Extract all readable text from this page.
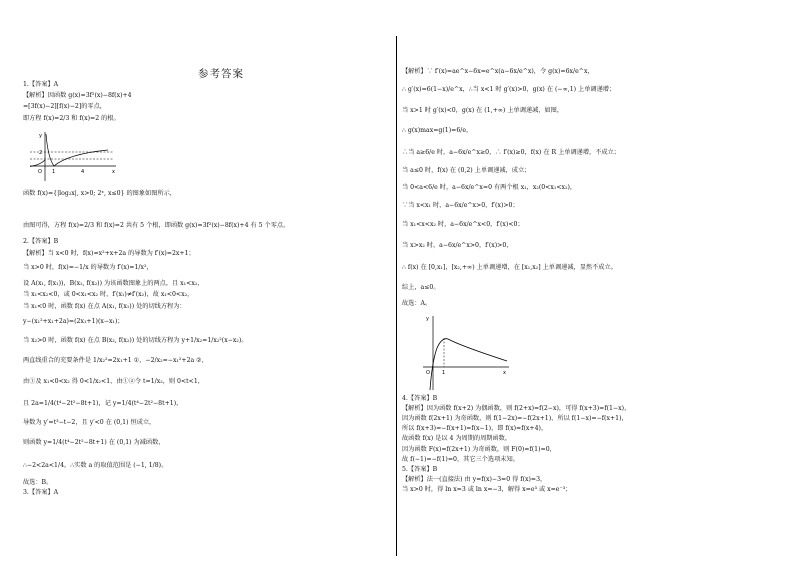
参考答案
1.【答案】A
【解析】因函数 g(x)=3f²(x)−8f(x)+4
=[3f(x)−2][f(x)−2]的零点，
即方程 f(x)=2/3 和 f(x)=2 的根。
y
2
O 1	4	x
函数 f(x)={|log₂x|, x>0; 2ˣ, x≤0} 的图象如图所示，
由图可得，方程 f(x)=2/3 和 f(x)=2 共有 5 个根，即函数 g(x)=3f²(x)−8f(x)+4 有 5 个零点。
2.【答案】B
【解析】当 x<0 时，f(x)=x²+x+2a 的导数为 f′(x)=2x+1；
当 x>0 时，f(x)=−1/x 的导数为 f′(x)=1/x²，
设 A(x₁, f(x₁))，B(x₂, f(x₂)) 为该函数图象上的两点，且 x₁<x₂，
当 x₁<x₂<0，或 0<x₁<x₂ 时，f′(x₁)≠f′(x₂)，故 x₁<0<x₂，
当 x₁<0 时，函数 f(x) 在点 A(x₁, f(x₁)) 处的切线方程为：
y−(x₁²+x₁+2a)=(2x₁+1)(x−x₁)；
当 x₂>0 时，函数 f(x) 在点 B(x₂, f(x₂)) 处的切线方程为 y+1/x₂=1/x₂²(x−x₂)。
两直线重合的充要条件是 1/x₂²=2x₁+1 ①，−2/x₂=−x₁²+2a ②，
由①及 x₁<0<x₂ 得 0<1/x₂<1，由①②令 t=1/x₂，则 0<t<1，
且 2a=1/4(t⁴−2t²−8t+1)，记 y=1/4(t⁴−2t²−8t+1)，
导数为 y′=t³−t−2，且 y′<0 在 (0,1) 恒成立，
则函数 y=1/4(t⁴−2t²−8t+1) 在 (0,1) 为减函数，
∴−2<2a<1/4，∴实数 a 的取值范围是 (−1, 1/8)。
故选：B。
3.【答案】A
【解析】∵ f′(x)=ae^x−6x=e^x(a−6x/e^x)，令 g(x)=6x/e^x，
∴ g′(x)=6(1−x)/e^x，∴当 x<1 时 g′(x)>0，g(x) 在 (−∞,1) 上单调递增；
当 x>1 时 g′(x)<0，g(x) 在 (1,+∞) 上单调递减，如图，
∴ g(x)max=g(1)=6/e，
∴当 a≥6/e 时，a−6x/e^x≥0，∴ f′(x)≥0，f(x) 在 R 上单调递增，不成立；
当 a≤0 时，f(x) 在 (0,2) 上单调递减，成立；
当 0<a<6/e 时，a−6x/e^x=0 有两个根 x₁，x₂(0<x₁<x₂)，
∵当 x<x₁ 时，a−6x/e^x>0，f′(x)>0；
当 x₁<x<x₂ 时，a−6x/e^x<0，f′(x)<0；
当 x>x₂ 时，a−6x/e^x>0，f′(x)>0，
∴ f(x) 在 [0,x₁]，[x₂,+∞) 上单调递增，在 [x₁,x₂] 上单调递减，显然不成立。
综上，a≤0。
故选：A。
y
O 1	x
4.【答案】B
【解析】因为函数 f(x+2) 为偶函数，则 f(2+x)=f(2−x)，可得 f(x+3)=f(1−x)，
因为函数 f(2x+1) 为奇函数，则 f(1−2x)=−f(2x+1)，所以 f(1−x)=−f(x+1)，
所以 f(x+3)=−f(x+1)=f(x−1)，即 f(x)=f(x+4)，
故函数 f(x) 是以 4 为周期的周期函数，
因为函数 F(x)=f(2x+1) 为奇函数，则 F(0)=f(1)=0，
故 f(−1)=−f(1)=0，其它三个选项未知。
5.【答案】B
【解析】法一(直接法) 由 y=f(x)−3=0 得 f(x)=3，
当 x>0 时，得 ln x=3 或 ln x=−3，解得 x=e³ 或 x=e⁻³；
